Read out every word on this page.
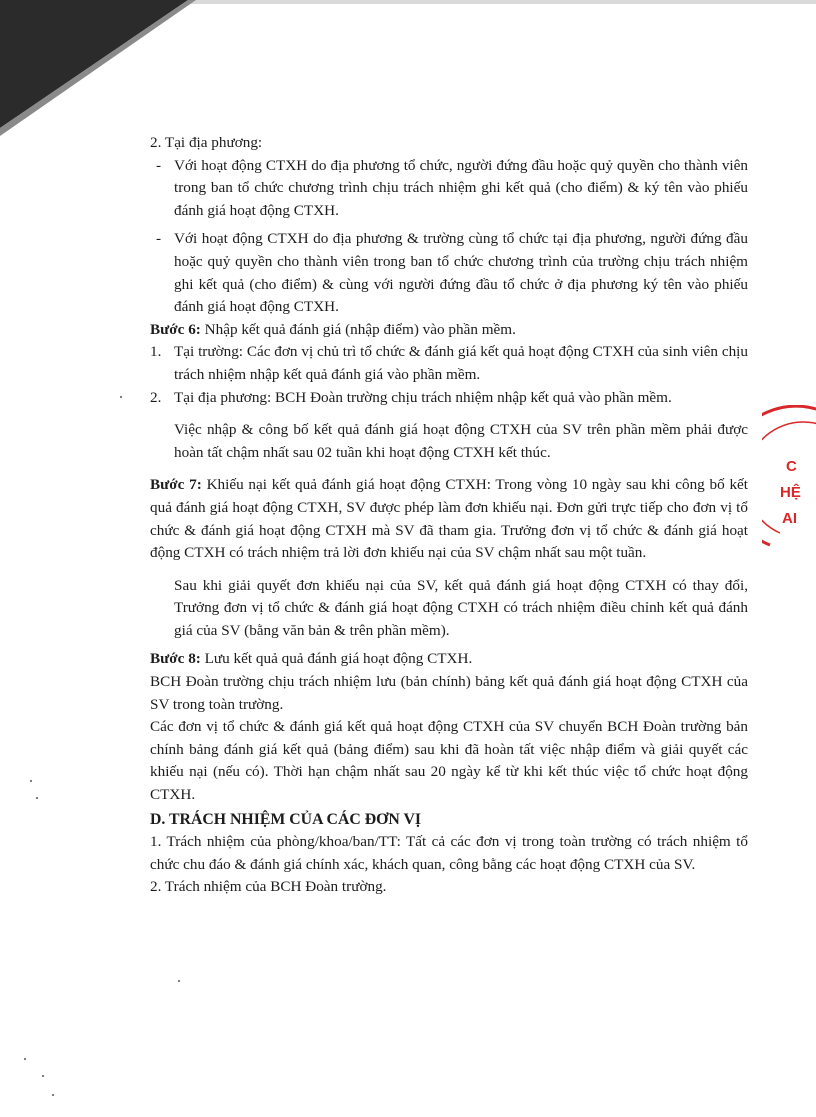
C
HỆ
AI

2. Tại địa phương:

- Với hoạt động CTXH do địa phương tổ chức, người đứng đầu hoặc quỷ quyền cho thành viên trong ban tổ chức chương trình chịu trách nhiệm ghi kết quả (cho điểm) & ký tên vào phiếu đánh giá hoạt động CTXH.

- Với hoạt động CTXH do địa phương & trường cùng tổ chức tại địa phương, người đứng đầu hoặc quỷ quyền cho thành viên trong ban tổ chức chương trình của trường chịu trách nhiệm ghi kết quả (cho điểm) & cùng với người đứng đầu tổ chức ở địa phương ký tên vào phiếu đánh giá hoạt động CTXH.

Bước 6: Nhập kết quả đánh giá (nhập điểm) vào phần mềm.

1. Tại trường: Các đơn vị chủ trì tổ chức & đánh giá kết quả hoạt động CTXH của sinh viên chịu trách nhiệm nhập kết quả đánh giá vào phần mềm.

2. Tại địa phương: BCH Đoàn trường chịu trách nhiệm nhập kết quả vào phần mềm.

Việc nhập & công bố kết quả đánh giá hoạt động CTXH của SV trên phần mềm phải được hoàn tất chậm nhất sau 02 tuần khi hoạt động CTXH kết thúc.

Bước 7: Khiếu nại kết quả đánh giá hoạt động CTXH: Trong vòng 10 ngày sau khi công bố kết quả đánh giá hoạt động CTXH, SV được phép làm đơn khiếu nại. Đơn gửi trực tiếp cho đơn vị tổ chức & đánh giá hoạt động CTXH mà SV đã tham gia. Trưởng đơn vị tổ chức & đánh giá hoạt động CTXH có trách nhiệm trả lời đơn khiếu nại của SV chậm nhất sau một tuần.

Sau khi giải quyết đơn khiếu nại của SV, kết quả đánh giá hoạt động CTXH có thay đổi, Trưởng đơn vị tổ chức & đánh giá hoạt động CTXH có trách nhiệm điều chỉnh kết quả đánh giá của SV (bằng văn bản & trên phần mềm).

Bước 8: Lưu kết quả quả đánh giá hoạt động CTXH.

BCH Đoàn trường chịu trách nhiệm lưu (bản chính) bảng kết quả đánh giá hoạt động CTXH của SV trong toàn trường.

Các đơn vị tổ chức & đánh giá kết quả hoạt động CTXH của SV chuyển BCH Đoàn trường bản chính bảng đánh giá kết quả (bảng điểm) sau khi đã hoàn tất việc nhập điểm và giải quyết các khiếu nại (nếu có). Thời hạn chậm nhất sau 20 ngày kể từ khi kết thúc việc tổ chức hoạt động CTXH.

D. TRÁCH NHIỆM CỦA CÁC ĐƠN VỊ

1. Trách nhiệm của phòng/khoa/ban/TT: Tất cả các đơn vị trong toàn trường có trách nhiệm tổ chức chu đáo & đánh giá chính xác, khách quan, công bằng các hoạt động CTXH của SV.

2. Trách nhiệm của BCH Đoàn trường.
